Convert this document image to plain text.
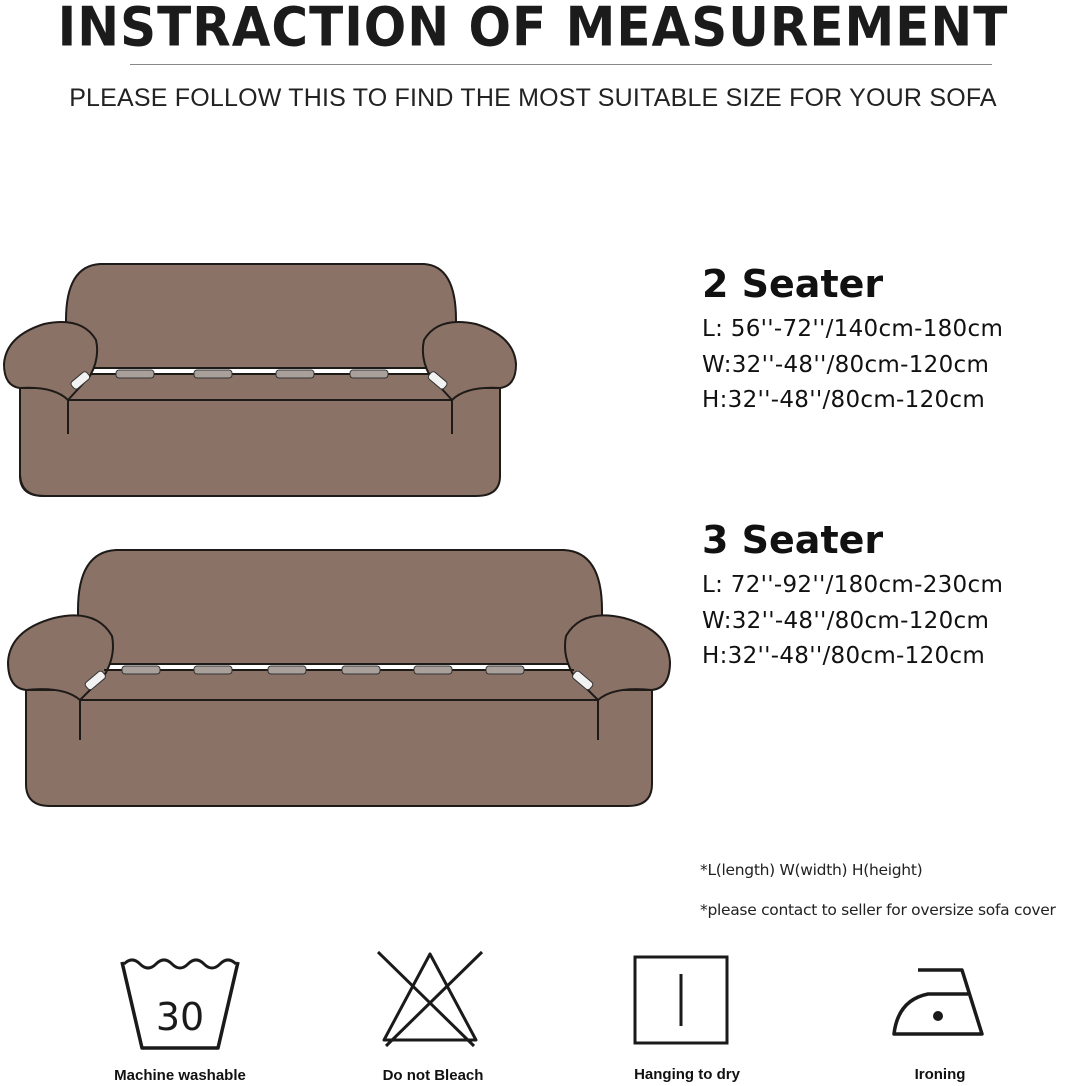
INSTRACTION OF MEASUREMENT
PLEASE FOLLOW THIS TO FIND THE MOST SUITABLE SIZE FOR YOUR SOFA
2 Seater
L: 56''-72''/140cm-180cm
W:32''-48''/80cm-120cm
H:32''-48''/80cm-120cm
3 Seater
L: 72''-92''/180cm-230cm
W:32''-48''/80cm-120cm
H:32''-48''/80cm-120cm
*L(length) W(width) H(height)
*please contact to seller for oversize sofa cover
30
Machine washable	Do not Bleach	Hanging to dry	Ironing
